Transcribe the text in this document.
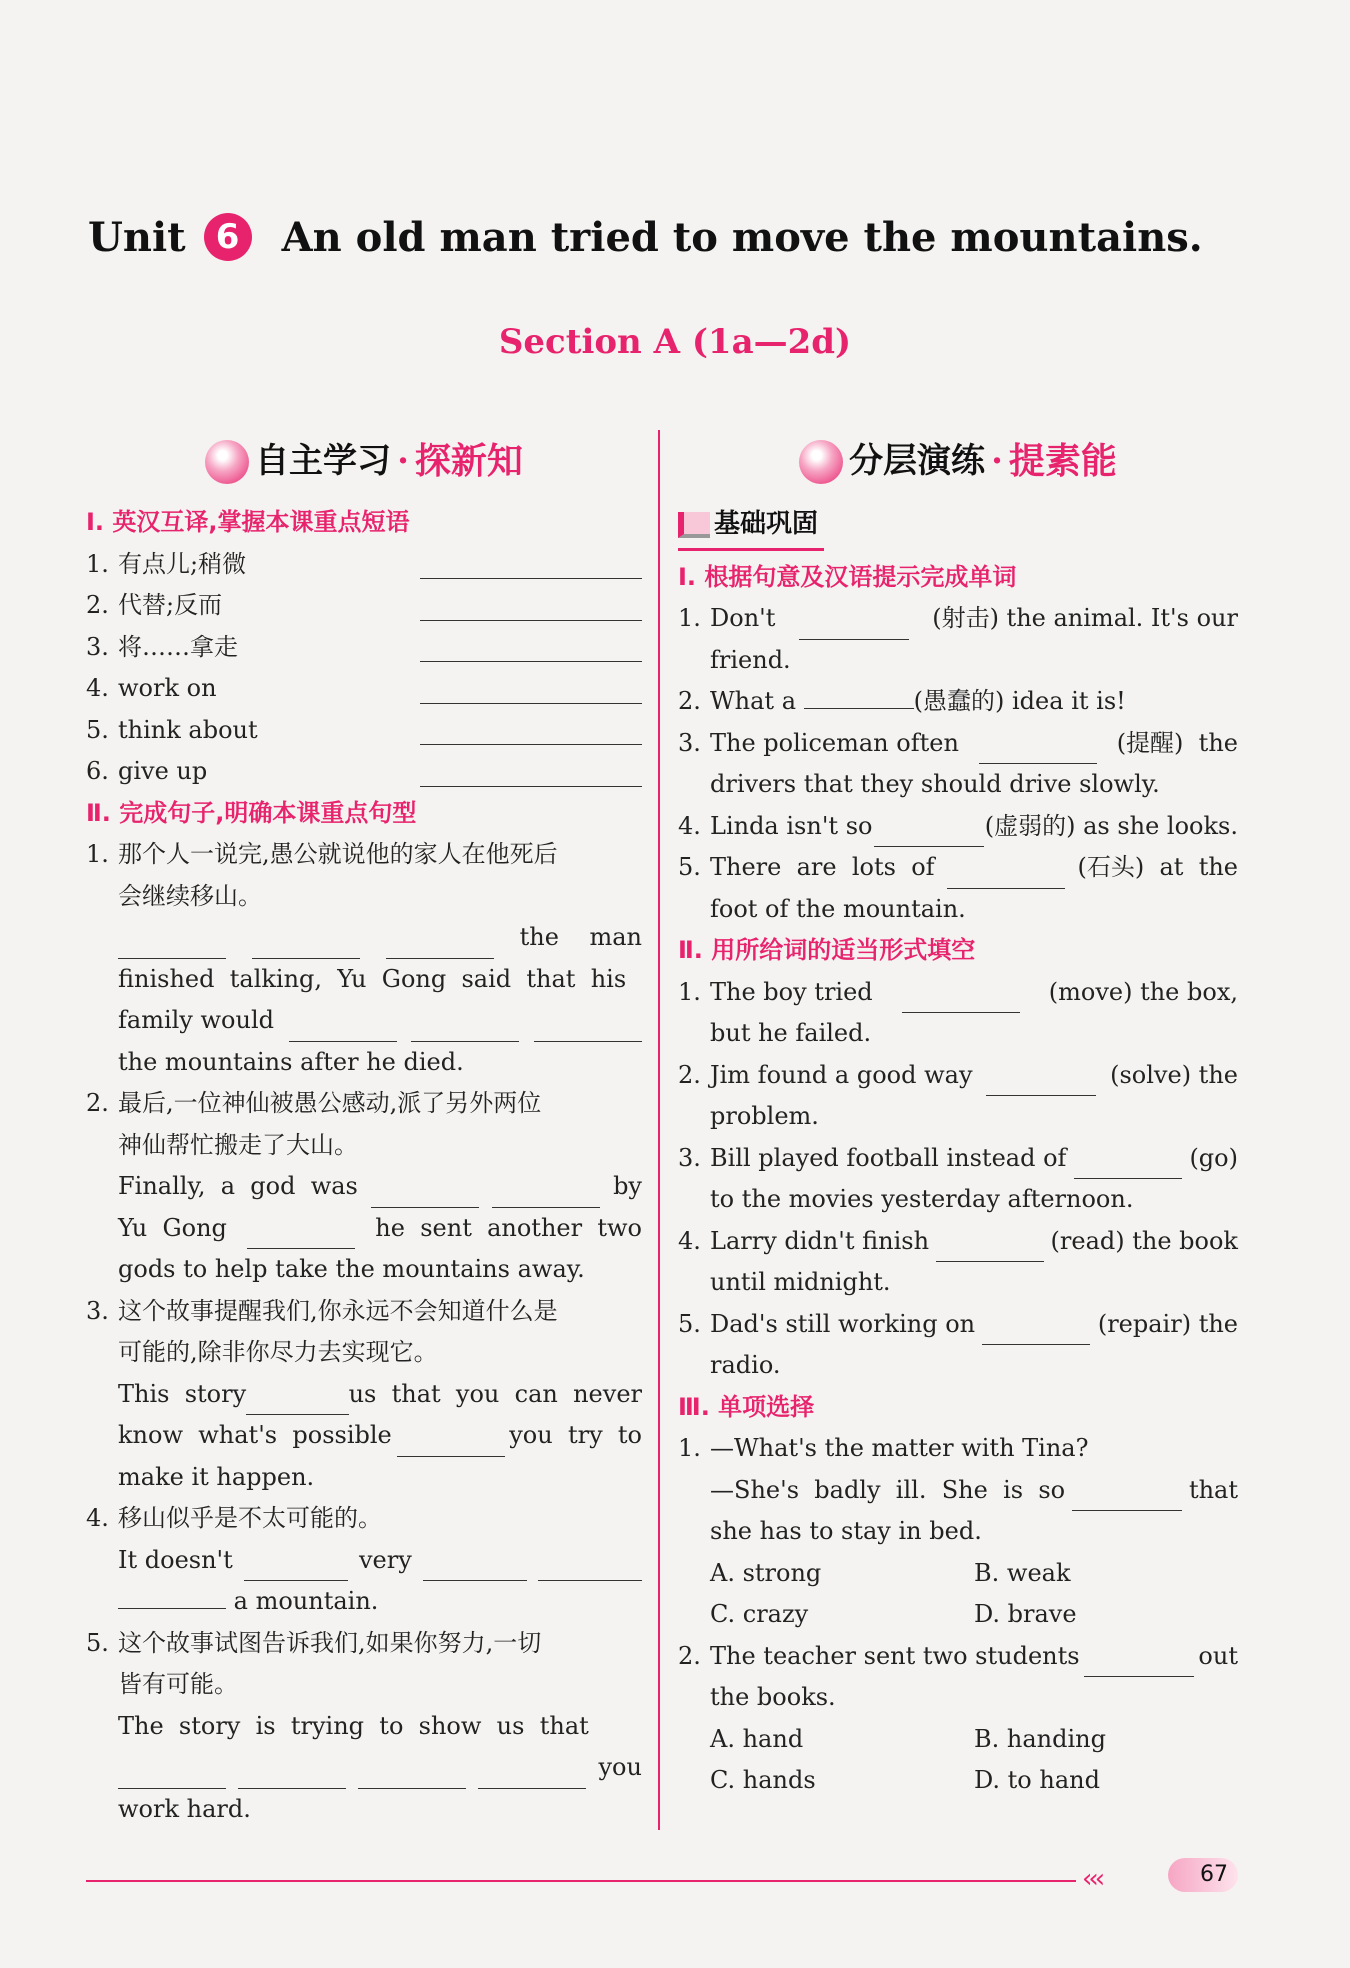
Unit 6 An old man tried to move the mountains.
Section A (1a—2d)
自主学习 · 探新知
Ⅰ. 英汉互译,掌握本课重点短语
1. 有点儿;稍微
2. 代替;反而
3. 将……拿走
4. work on
5. think about
6. give up
Ⅱ. 完成句子,明确本课重点句型
1. 那个人一说完,愚公就说他的家人在他死后
会继续移山。
the    man
finished  talking,  Yu  Gong  said  that  his
family would
the mountains after he died.
2. 最后,一位神仙被愚公感动,派了另外两位
神仙帮忙搬走了大山。
Finally,  a  god  was	by
Yu  Gong	he  sent  another  two
gods to help take the mountains away.
3. 这个故事提醒我们,你永远不会知道什么是
可能的,除非你尽力去实现它。
This  story	us  that  you  can  never
know  what's  possible	you  try  to
make it happen.
4. 移山似乎是不太可能的。
It doesn't	very
a mountain.
5. 这个故事试图告诉我们,如果你努力,一切
皆有可能。
The  story  is  trying  to  show  us  that
you
work hard.
分层演练 · 提素能
基础巩固
Ⅰ. 根据句意及汉语提示完成单词
1. Don't	(射击) the animal. It's our
friend.
2. What a	(愚蠢的) idea it is!
3. The policeman often	(提醒)  the
drivers that they should drive slowly.
4. Linda isn't so	(虚弱的) as she looks.
5. There  are  lots  of	(石头)  at  the
foot of the mountain.
Ⅱ. 用所给词的适当形式填空
1. The boy tried	(move) the box,
but he failed.
2. Jim found a good way	(solve) the
problem.
3. Bill played football instead of	(go)
to the movies yesterday afternoon.
4. Larry didn't finish	(read) the book
until midnight.
5. Dad's still working on	(repair) the
radio.
Ⅲ. 单项选择
1. —What's the matter with Tina?
—She's  badly  ill.  She  is  so	that
she has to stay in bed.
A. strong	B. weak
C. crazy	D. brave
2. The teacher sent two students	out
the books.
A. hand	B. handing
C. hands	D. to hand
‹‹‹	67
